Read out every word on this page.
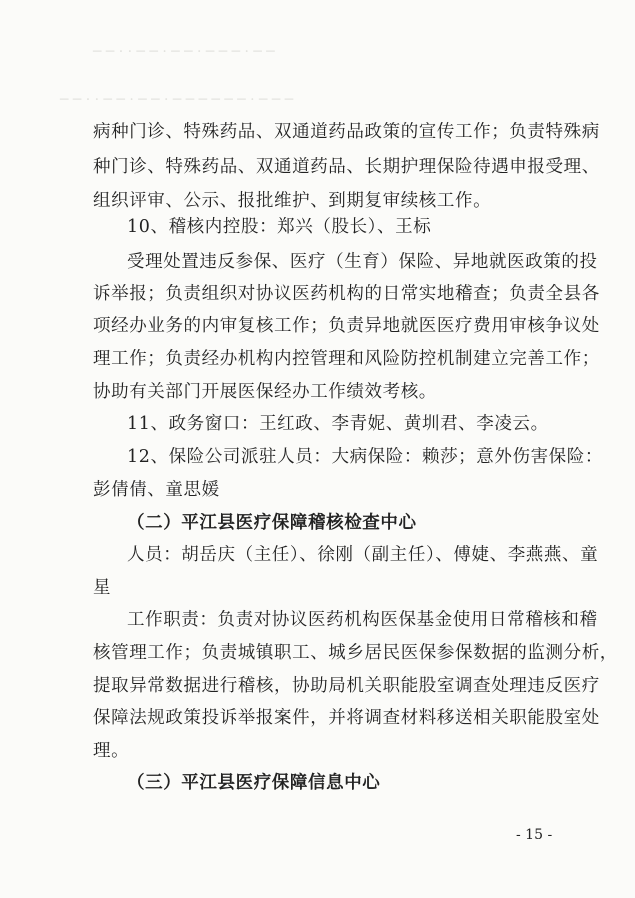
─ ─ · · ─ ─ · ─ ─ · ─ ─ ─ · ─ ─
─ ─ · · ─ ─ · ─ ─ · ─ ─ ─ ─ ─ ─ · ─ ─ ─
病种门诊、特殊药品、双通道药品政策的宣传工作；负责特殊病
种门诊、特殊药品、双通道药品、长期护理保险待遇申报受理、
组织评审、公示、报批维护、到期复审续核工作。
10、稽核内控股：郑兴（股长）、王标
受理处置违反参保、医疗（生育）保险、异地就医政策的投
诉举报；负责组织对协议医药机构的日常实地稽查；负责全县各
项经办业务的内审复核工作；负责异地就医医疗费用审核争议处
理工作；负责经办机构内控管理和风险防控机制建立完善工作；
协助有关部门开展医保经办工作绩效考核。
11、政务窗口：王红政、李青妮、黄圳君、李凌云。
12、保险公司派驻人员：大病保险：赖莎；意外伤害保险：
彭倩倩、童思媛
（二）平江县医疗保障稽核检查中心
人员：胡岳庆（主任）、徐刚（副主任）、傅婕、李燕燕、童
星
工作职责：负责对协议医药机构医保基金使用日常稽核和稽
核管理工作；负责城镇职工、城乡居民医保参保数据的监测分析，
提取异常数据进行稽核，协助局机关职能股室调查处理违反医疗
保障法规政策投诉举报案件，并将调查材料移送相关职能股室处
理。
（三）平江县医疗保障信息中心
- 15 -
